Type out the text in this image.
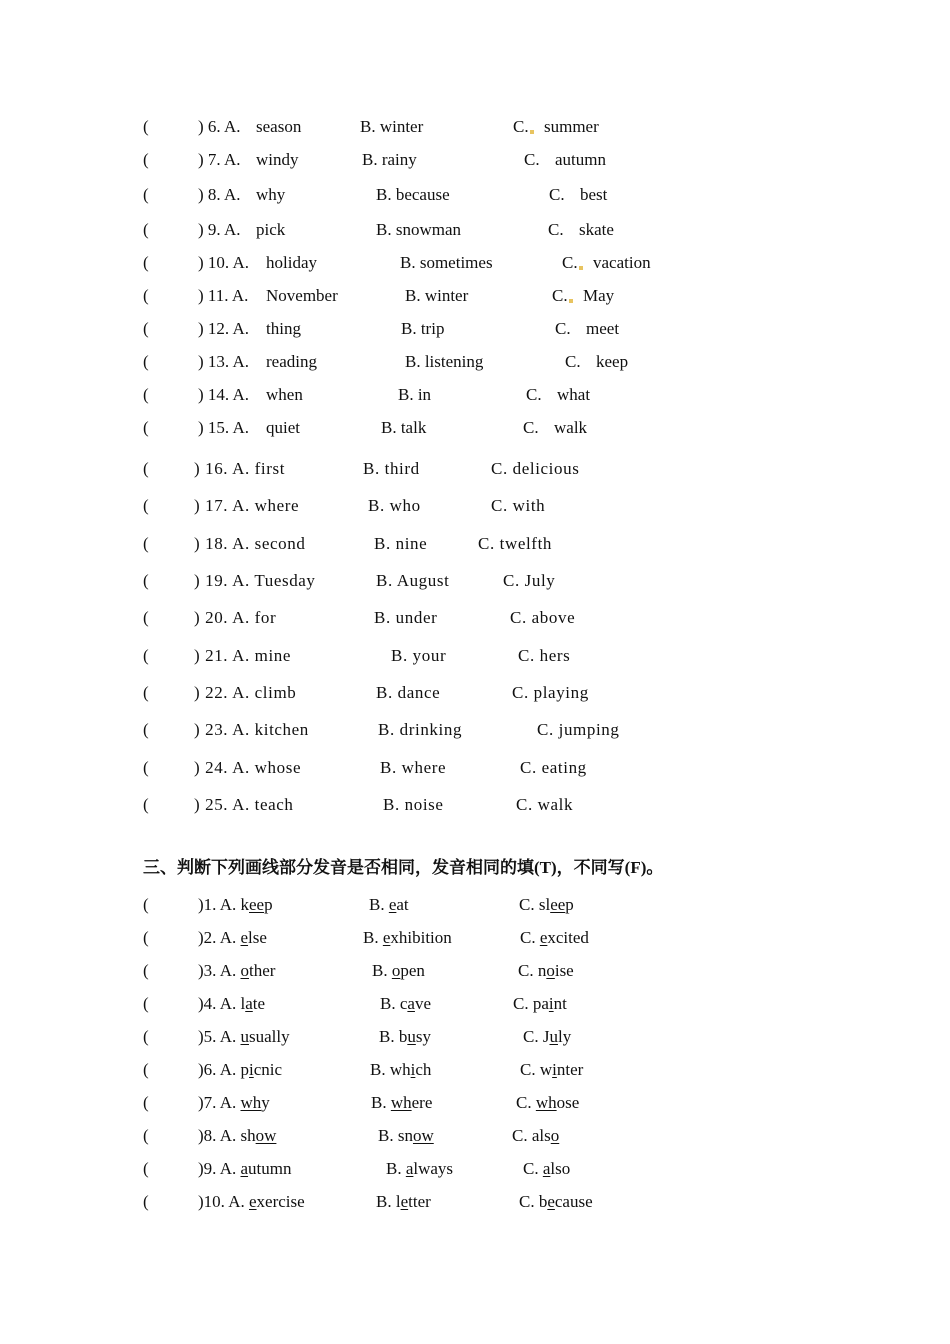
(	) 6. A. season	B. winter	C. summer
(	) 7. A. windy	B. rainy	C. autumn
(	) 8. A. why	B. because	C. best
(	) 9. A. pick	B. snowman	C. skate
(	) 10. A. holiday	B. sometimes	C. vacation
(	) 11. A. November	B. winter	C. May
(	) 12. A. thing	B. trip	C. meet
(	) 13. A. reading	B. listening	C. keep
(	) 14. A. when	B. in	C. what
(	) 15. A. quiet	B. talk	C. walk
(	) 16. A. first	B. third	C. delicious
(	) 17. A. where	B. who	C. with
(	) 18. A. second	B. nine	C. twelfth
(	) 19. A. Tuesday	B. August	C. July
(	) 20. A. for	B. under	C. above
(	) 21. A. mine	B. your	C. hers
(	) 22. A. climb	B. dance	C. playing
(	) 23. A. kitchen	B. drinking	C. jumping
(	) 24. A. whose	B. where	C. eating
(	) 25. A. teach	B. noise	C. walk
(	)1. A. keep	B. eat	C. sleep
(	)2. A. else	B. exhibition	C. excited
(	)3. A. other	B. open	C. noise
(	)4. A. late	B. cave	C. paint
(	)5. A. usually	B. busy	C. July
(	)6. A. picnic	B. which	C. winter
(	)7. A. why	B. where	C. whose
(	)8. A. show	B. snow	C. also
(	)9. A. autumn	B. always	C. also
(	)10. A. exercise	B. letter	C. because
三、判断下列画线部分发音是否相同，发音相同的填(T)，不同写(F)。
